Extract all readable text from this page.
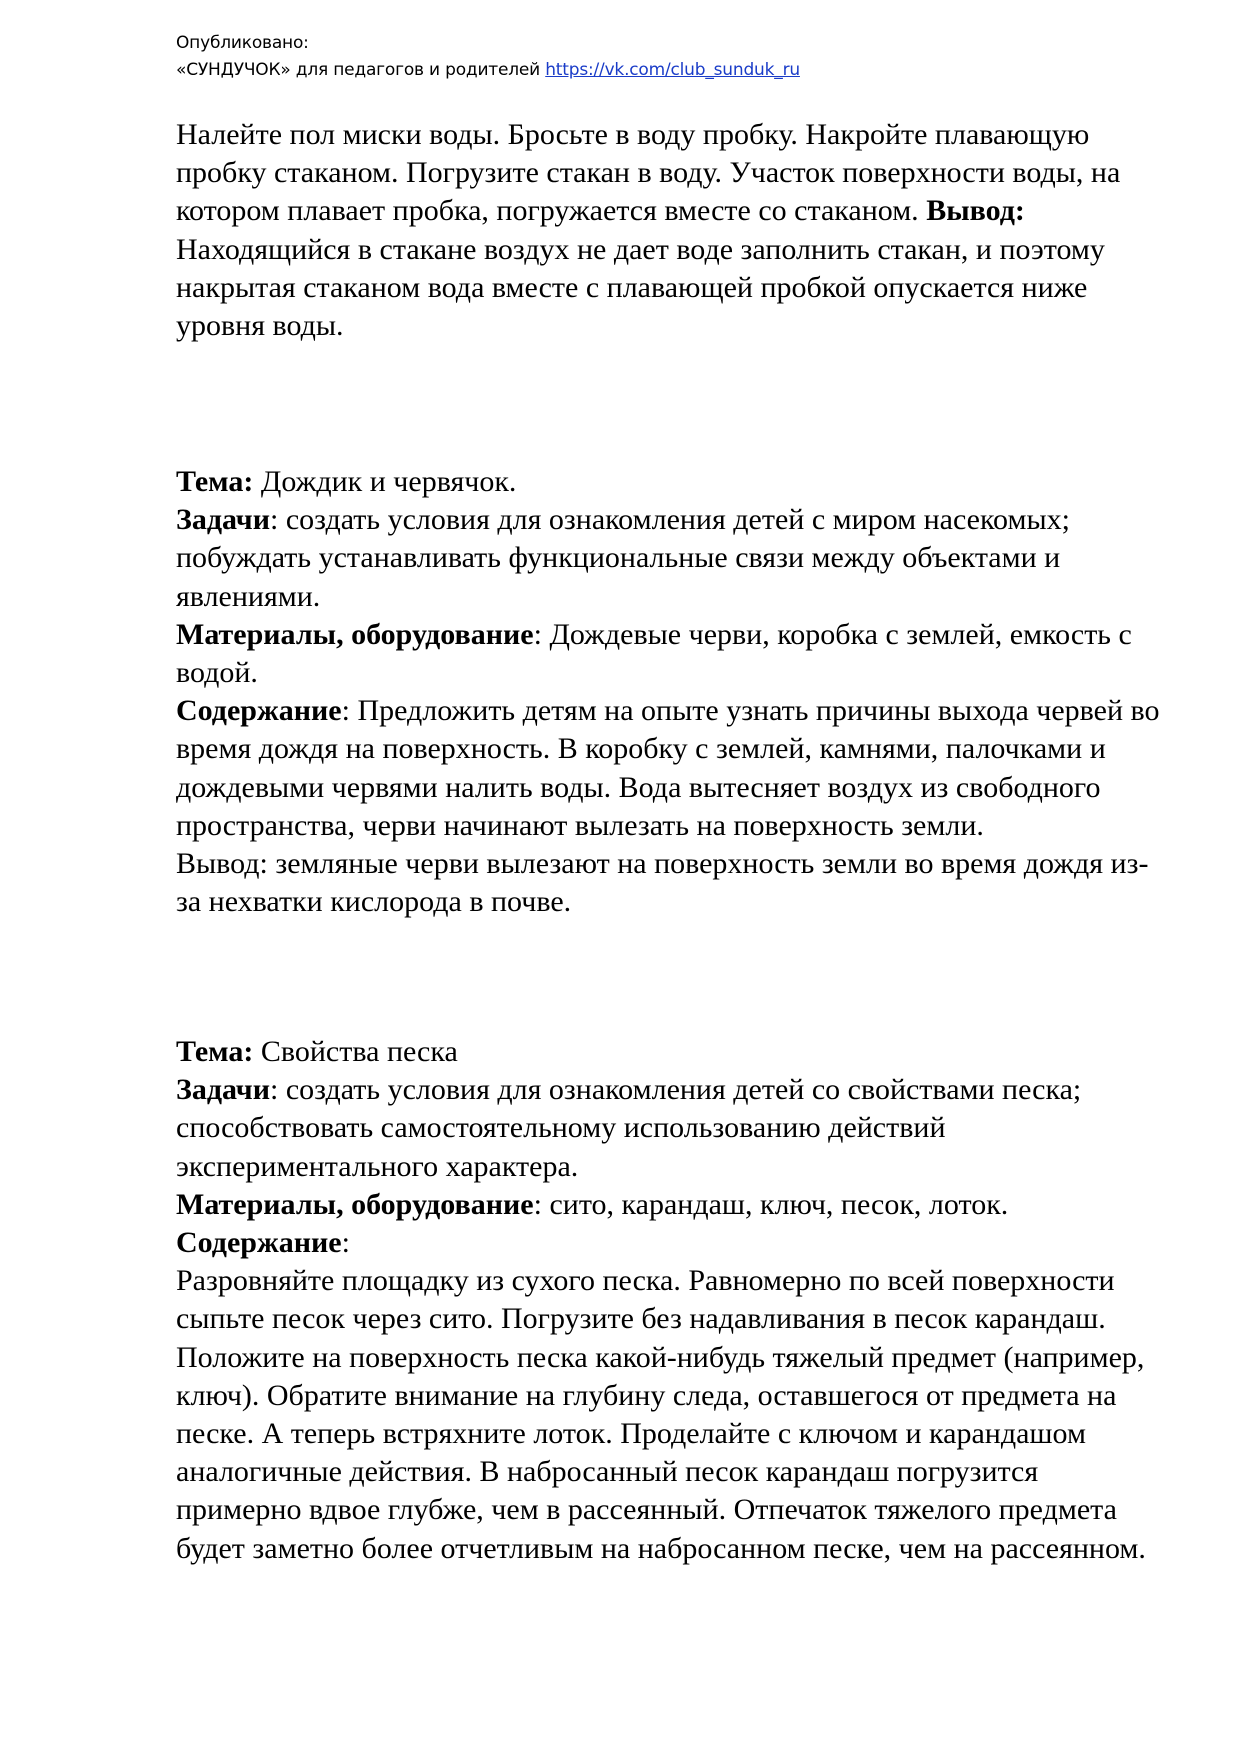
Опубликовано:
«СУНДУЧОК» для педагогов и родителей https://vk.com/club_sunduk_ru

Налейте пол миски воды. Бросьте в воду пробку. Накройте плавающую пробку стаканом. Погрузите стакан в воду. Участок поверхности воды, на котором плавает пробка, погружается вместе со стаканом. Вывод: Находящийся в стакане воздух не дает воде заполнить стакан, и поэтому накрытая стаканом вода вместе с плавающей пробкой опускается ниже уровня воды.

Тема: Дождик и червячок.

Задачи: создать условия для ознакомления детей с миром насекомых; побуждать устанавливать функциональные связи между объектами и явлениями.

Материалы, оборудование: Дождевые черви, коробка с землей, емкость с водой.

Содержание: Предложить детям на опыте узнать причины выхода червей во время дождя на поверхность. В коробку с землей, камнями, палочками и дождевыми червями налить воды. Вода вытесняет воздух из свободного пространства, черви начинают вылезать на поверхность земли.

Вывод: земляные черви вылезают на поверхность земли во время дождя из-за нехватки кислорода в почве.

Тема: Свойства песка

Задачи: создать условия для ознакомления детей со свойствами песка; способствовать самостоятельному использованию действий экспериментального характера.

Материалы, оборудование: сито, карандаш, ключ, песок, лоток.

Содержание:

Разровняйте площадку из сухого песка. Равномерно по всей поверхности сыпьте песок через сито. Погрузите без надавливания в песок карандаш. Положите на поверхность песка какой-нибудь тяжелый предмет (например, ключ). Обратите внимание на глубину следа, оставшегося от предмета на песке. А теперь встряхните лоток. Проделайте с ключом и карандашом аналогичные действия. В набросанный песок карандаш погрузится примерно вдвое глубже, чем в рассеянный. Отпечаток тяжелого предмета будет заметно более отчетливым на набросанном песке, чем на рассеянном.
